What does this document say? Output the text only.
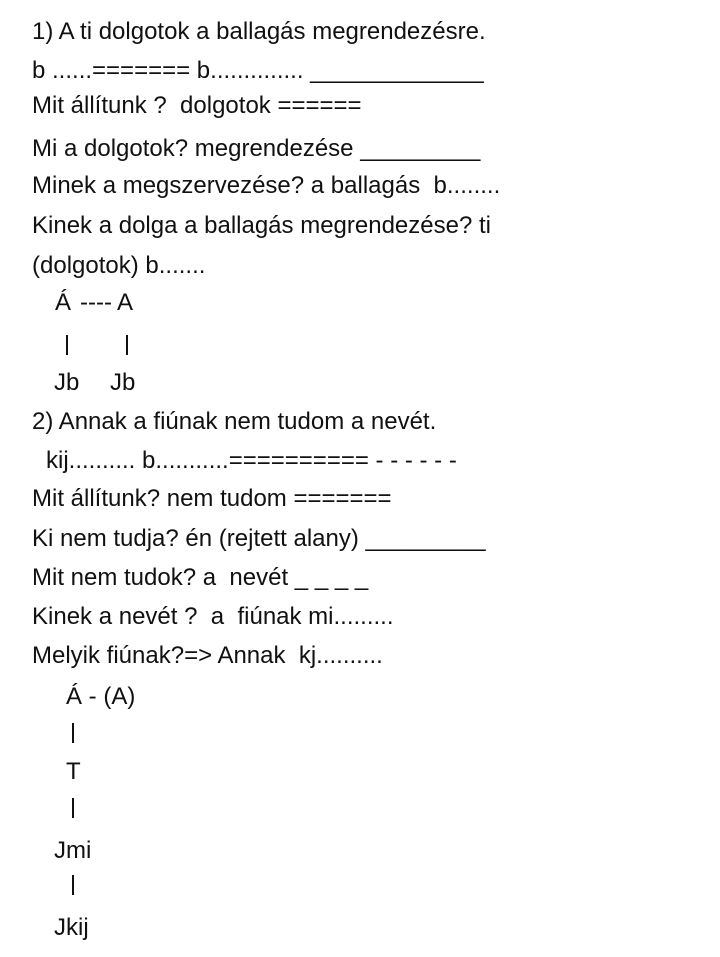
1) A ti dolgotok a ballagás megrendezésre.
b ......======= b.............. _____________
Mit állítunk ?  dolgotok ======
Mi a dolgotok? megrendezése _________
Minek a megszervezése? a ballagás  b........
Kinek a dolga a ballagás megrendezése? ti
(dolgotok) b.......
Á ---- A
Jb Jb
2) Annak a fiúnak nem tudom a nevét.
kij.......... b...........========== - - - - - -
Mit állítunk? nem tudom =======
Ki nem tudja? én (rejtett alany) _________
Mit nem tudok? a  nevét _ _ _ _
Kinek a nevét ?  a  fiúnak mi.........
Melyik fiúnak?=> Annak  kj..........
Á - (A)
T
Jmi
Jkij
